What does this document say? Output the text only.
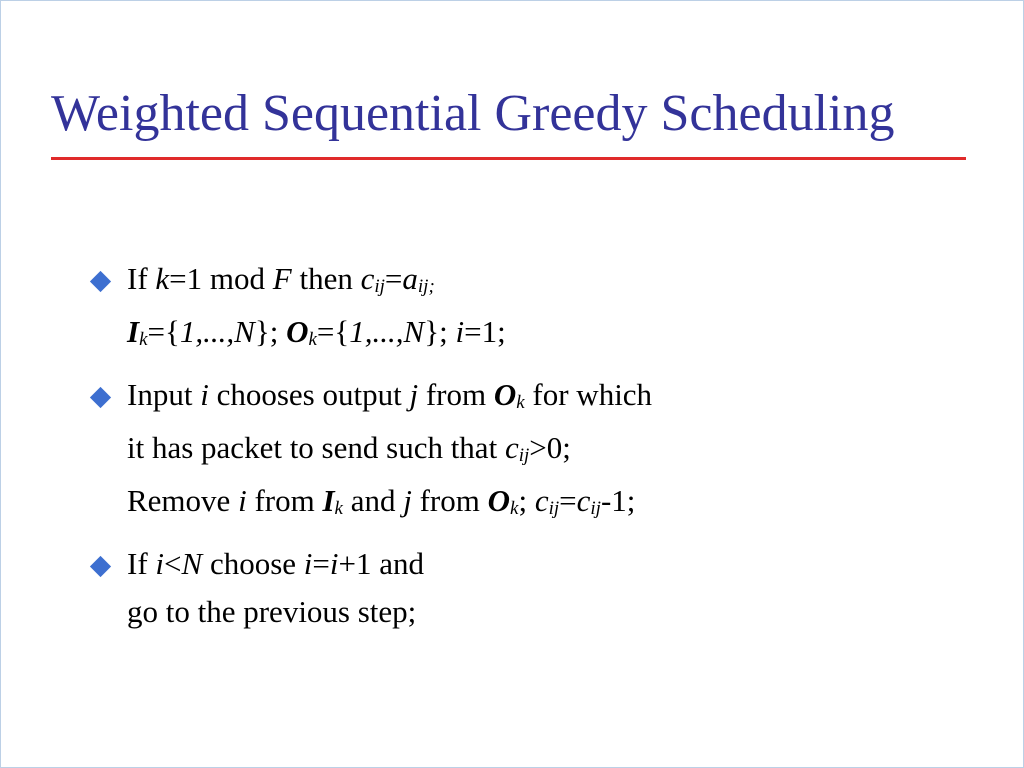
Weighted Sequential Greedy Scheduling
If k=1 mod F then cij=aij;
Ik={1,...,N}; Ok={1,...,N}; i=1;
Input i chooses output j from Ok for which
it has packet to send such that cij>0;
Remove i from Ik and j from Ok; cij=cij-1;
If i<N choose i=i+1 and
go to the previous step;
